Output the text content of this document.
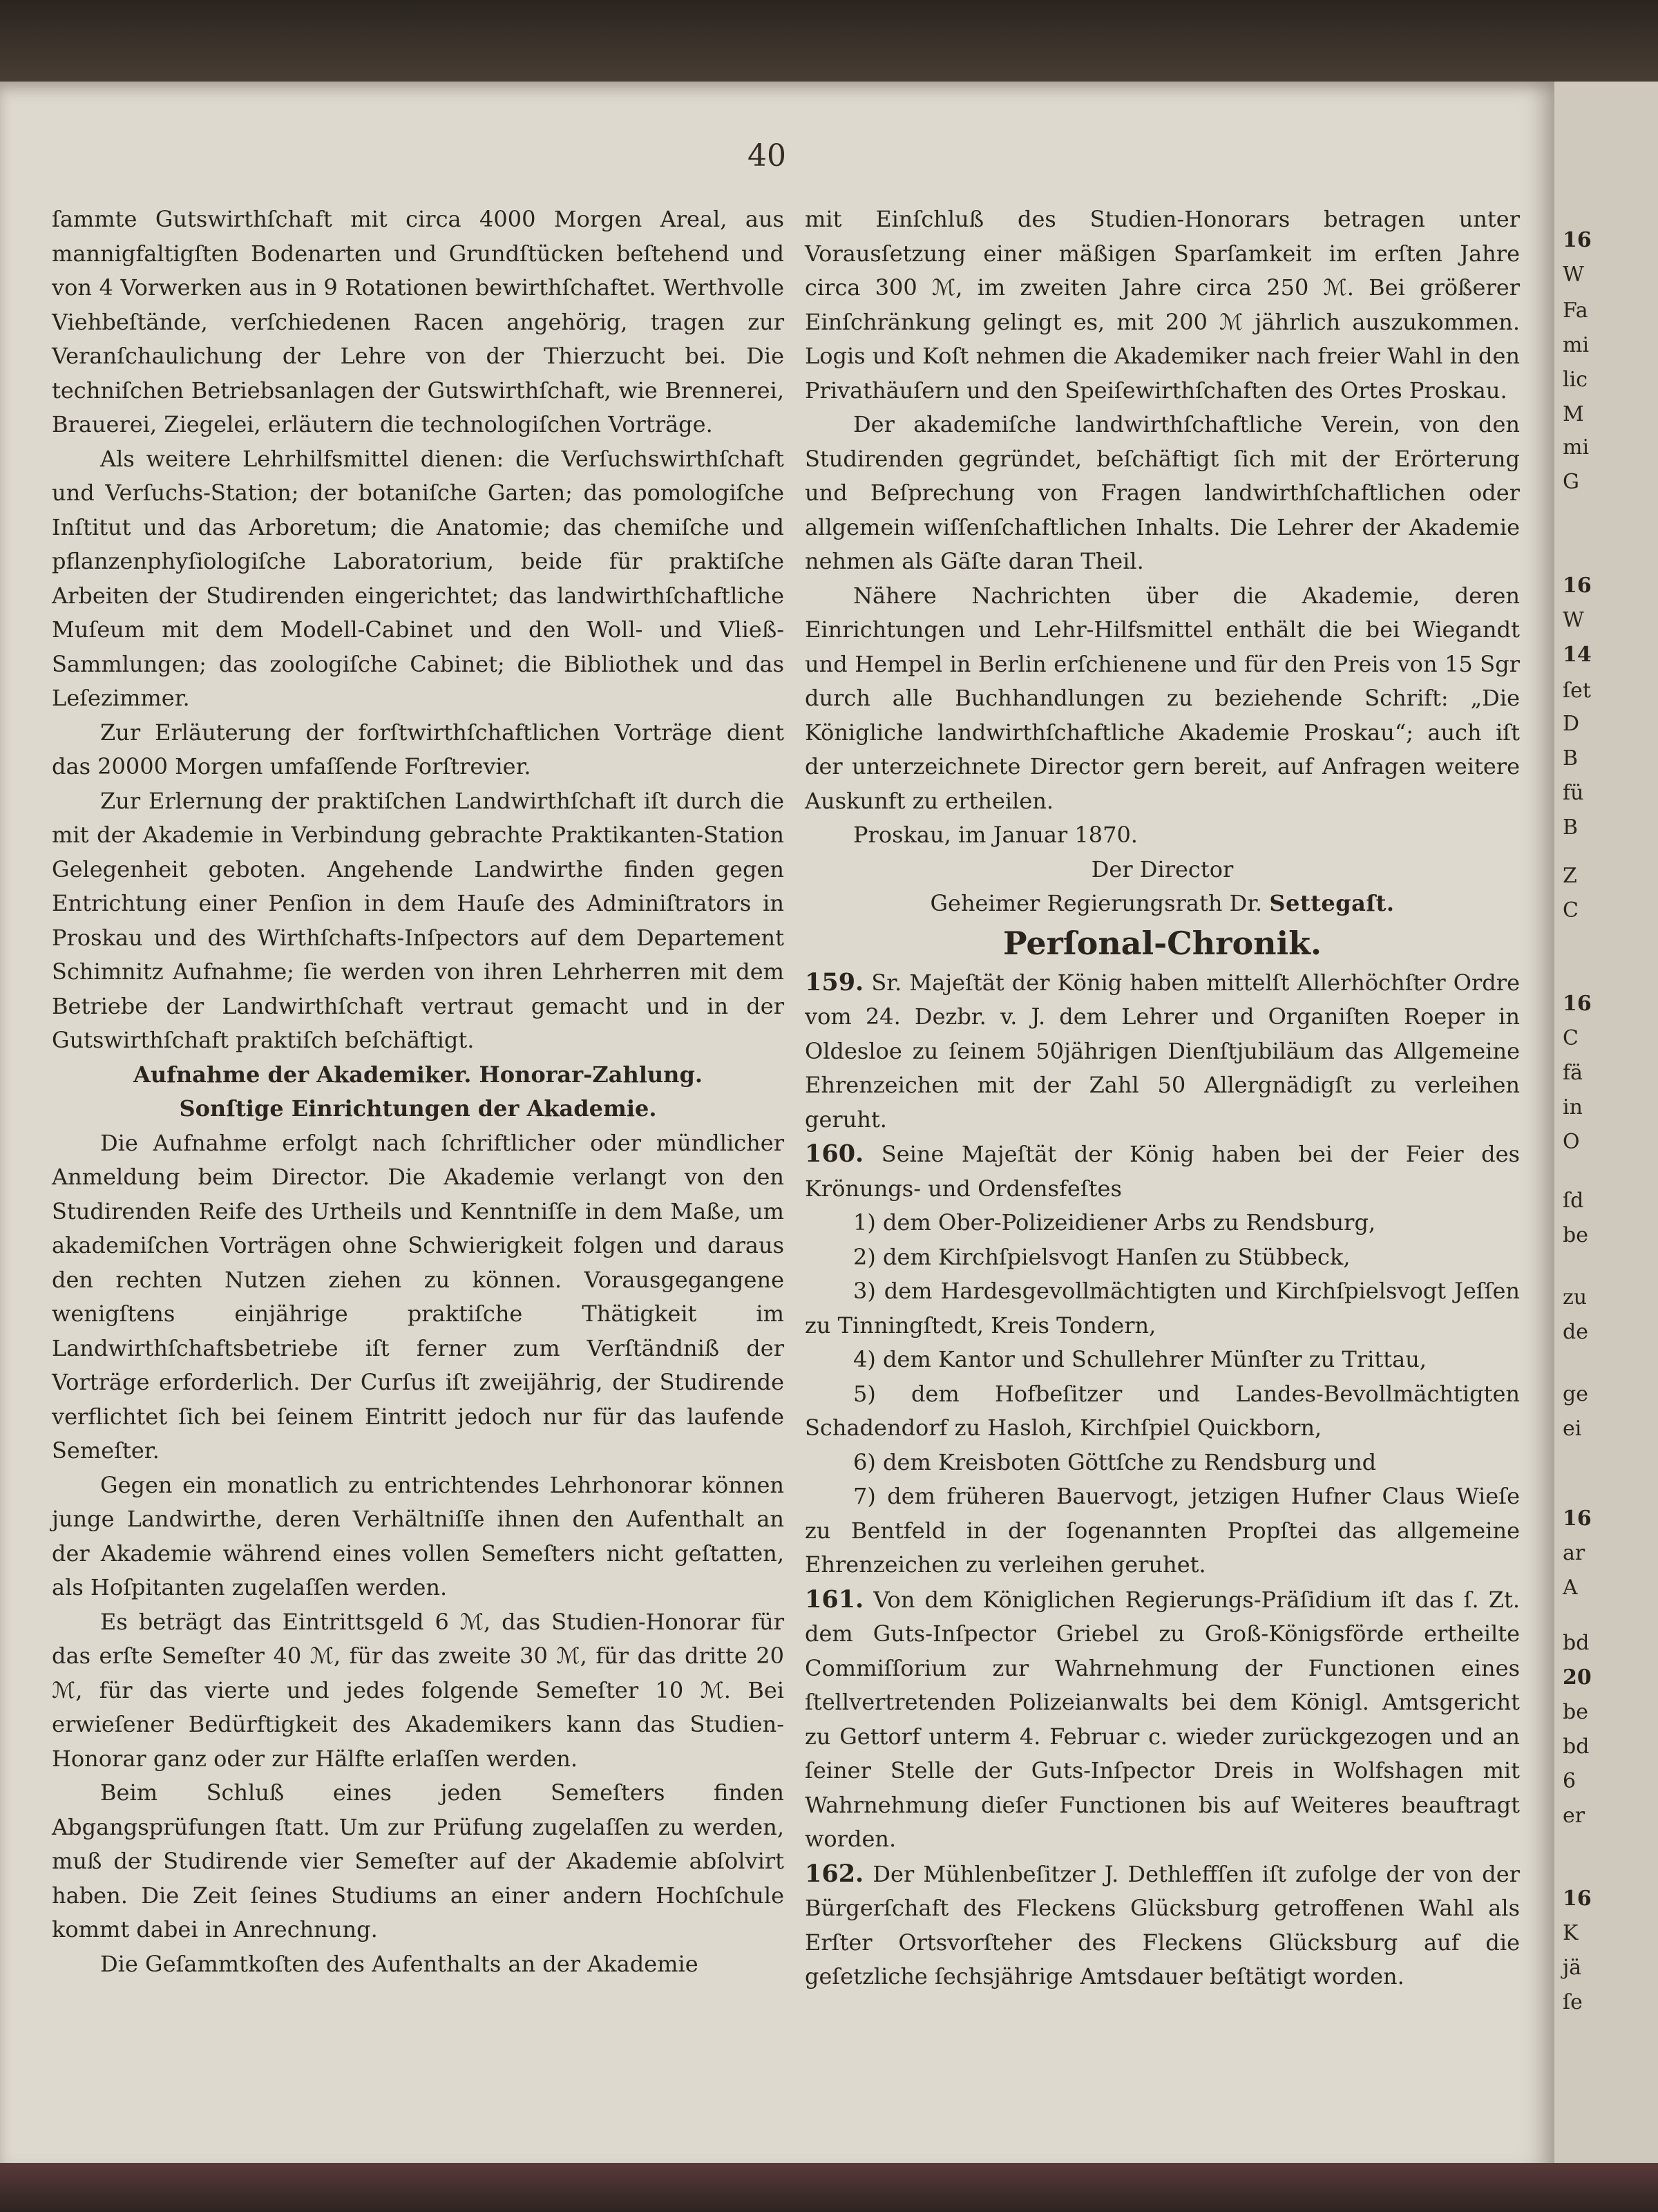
40

ſammte Gutswirthſchaft mit circa 4000 Morgen Areal, aus mannigfaltigſten Bodenarten und Grundſtücken beſtehend und von 4 Vorwerken aus in 9 Rotationen bewirthſchaftet. Werthvolle Viehbeſtände, verſchiedenen Racen angehörig, tragen zur Veranſchaulichung der Lehre von der Thierzucht bei. Die techniſchen Betriebsanlagen der Gutswirthſchaft, wie Brennerei, Brauerei, Ziegelei, erläutern die technologiſchen Vorträge.

Als weitere Lehrhilfsmittel dienen: die Verſuchswirthſchaft und Verſuchs-Station; der botaniſche Garten; das pomologiſche Inſtitut und das Arboretum; die Anatomie; das chemiſche und pflanzenphyſiologiſche Laboratorium, beide für praktiſche Arbeiten der Studirenden eingerichtet; das landwirthſchaftliche Muſeum mit dem Modell-Cabinet und den Woll- und Vließ-Sammlungen; das zoologiſche Cabinet; die Bibliothek und das Leſezimmer.

Zur Erläuterung der forſtwirthſchaftlichen Vorträge dient das 20000 Morgen umfaſſende Forſtrevier.

Zur Erlernung der praktiſchen Landwirthſchaft iſt durch die mit der Akademie in Verbindung gebrachte Praktikanten-Station Gelegenheit geboten. Angehende Landwirthe finden gegen Entrichtung einer Penſion in dem Hauſe des Adminiſtrators in Proskau und des Wirthſchafts-Inſpectors auf dem Departement Schimnitz Aufnahme; ſie werden von ihren Lehrherren mit dem Betriebe der Landwirthſchaft vertraut gemacht und in der Gutswirthſchaft praktiſch beſchäftigt.

Aufnahme der Akademiker. Honorar-Zahlung.

Sonſtige Einrichtungen der Akademie.

Die Aufnahme erfolgt nach ſchriftlicher oder mündlicher Anmeldung beim Director. Die Akademie verlangt von den Studirenden Reife des Urtheils und Kenntniſſe in dem Maße, um akademiſchen Vorträgen ohne Schwierigkeit folgen und daraus den rechten Nutzen ziehen zu können. Vorausgegangene wenigſtens einjährige praktiſche Thätigkeit im Landwirthſchaftsbetriebe iſt ferner zum Verſtändniß der Vorträge erforderlich. Der Curſus iſt zweijährig, der Studirende verflichtet ſich bei ſeinem Eintritt jedoch nur für das laufende Semeſter.

Gegen ein monatlich zu entrichtendes Lehrhonorar können junge Landwirthe, deren Verhältniſſe ihnen den Aufenthalt an der Akademie während eines vollen Semeſters nicht geſtatten, als Hoſpitanten zugelaſſen werden.

Es beträgt das Eintrittsgeld 6 ℳ, das Studien-Honorar für das erſte Semeſter 40 ℳ, für das zweite 30 ℳ, für das dritte 20 ℳ, für das vierte und jedes folgende Semeſter 10 ℳ. Bei erwieſener Bedürftigkeit des Akademikers kann das Studien-Honorar ganz oder zur Hälfte erlaſſen werden.

Beim Schluß eines jeden Semeſters finden Abgangsprüfungen ſtatt. Um zur Prüfung zugelaſſen zu werden, muß der Studirende vier Semeſter auf der Akademie abſolvirt haben. Die Zeit ſeines Studiums an einer andern Hochſchule kommt dabei in Anrechnung.

Die Geſammtkoſten des Aufenthalts an der Akademie

mit Einſchluß des Studien-Honorars betragen unter Vorausſetzung einer mäßigen Sparſamkeit im erſten Jahre circa 300 ℳ, im zweiten Jahre circa 250 ℳ. Bei größerer Einſchränkung gelingt es, mit 200 ℳ jährlich auszukommen. Logis und Koſt nehmen die Akademiker nach freier Wahl in den Privathäuſern und den Speiſewirthſchaften des Ortes Proskau.

Der akademiſche landwirthſchaftliche Verein, von den Studirenden gegründet, beſchäftigt ſich mit der Erörterung und Beſprechung von Fragen landwirthſchaftlichen oder allgemein wiſſenſchaftlichen Inhalts. Die Lehrer der Akademie nehmen als Gäſte daran Theil.

Nähere Nachrichten über die Akademie, deren Einrichtungen und Lehr-Hilfsmittel enthält die bei Wiegandt und Hempel in Berlin erſchienene und für den Preis von 15 Sgr durch alle Buchhandlungen zu beziehende Schrift: „Die Königliche landwirthſchaftliche Akademie Proskau“; auch iſt der unterzeichnete Director gern bereit, auf Anfragen weitere Auskunft zu ertheilen.

Proskau, im Januar 1870.

Der Director

Geheimer Regierungsrath Dr. Settegaſt.

Perſonal-Chronik.

159. Sr. Majeſtät der König haben mittelſt Allerhöchſter Ordre vom 24. Dezbr. v. J. dem Lehrer und Organiſten Roeper in Oldesloe zu ſeinem 50jährigen Dienſtjubiläum das Allgemeine Ehrenzeichen mit der Zahl 50 Allergnädigſt zu verleihen geruht.

160. Seine Majeſtät der König haben bei der Feier des Krönungs- und Ordensfeſtes

1) dem Ober-Polizeidiener Arbs zu Rendsburg,

2) dem Kirchſpielsvogt Hanſen zu Stübbeck,

3) dem Hardesgevollmächtigten und Kirchſpielsvogt Jeſſen zu Tinningſtedt, Kreis Tondern,

4) dem Kantor und Schullehrer Münſter zu Trittau,

5) dem Hofbeſitzer und Landes-Bevollmächtigten Schadendorf zu Hasloh, Kirchſpiel Quickborn,

6) dem Kreisboten Göttſche zu Rendsburg und

7) dem früheren Bauervogt, jetzigen Hufner Claus Wieſe zu Bentfeld in der ſogenannten Propſtei das allgemeine Ehrenzeichen zu verleihen geruhet.

161. Von dem Königlichen Regierungs-Präſidium iſt das ſ. Zt. dem Guts-Inſpector Griebel zu Groß-Königsförde ertheilte Commiſſorium zur Wahrnehmung der Functionen eines ſtellvertretenden Polizeianwalts bei dem Königl. Amtsgericht zu Gettorf unterm 4. Februar c. wieder zurückgezogen und an ſeiner Stelle der Guts-Inſpector Dreis in Wolfshagen mit Wahrnehmung dieſer Functionen bis auf Weiteres beauftragt worden.

162. Der Mühlenbeſitzer J. Dethleffſen iſt zufolge der von der Bürgerſchaft des Fleckens Glücksburg getroffenen Wahl als Erſter Ortsvorſteher des Fleckens Glücksburg auf die geſetzliche ſechsjährige Amtsdauer beſtätigt worden.

16
W
Fa
mi
lic
M
mi
G
16
W
14
ſet
D
B
fü
B
Z
C
16
C
fä
in
O
ſd
be
zu
de
ge
ei
16
ar
A
bd
20
be
bd
6
er
16
K
jä
ſe
